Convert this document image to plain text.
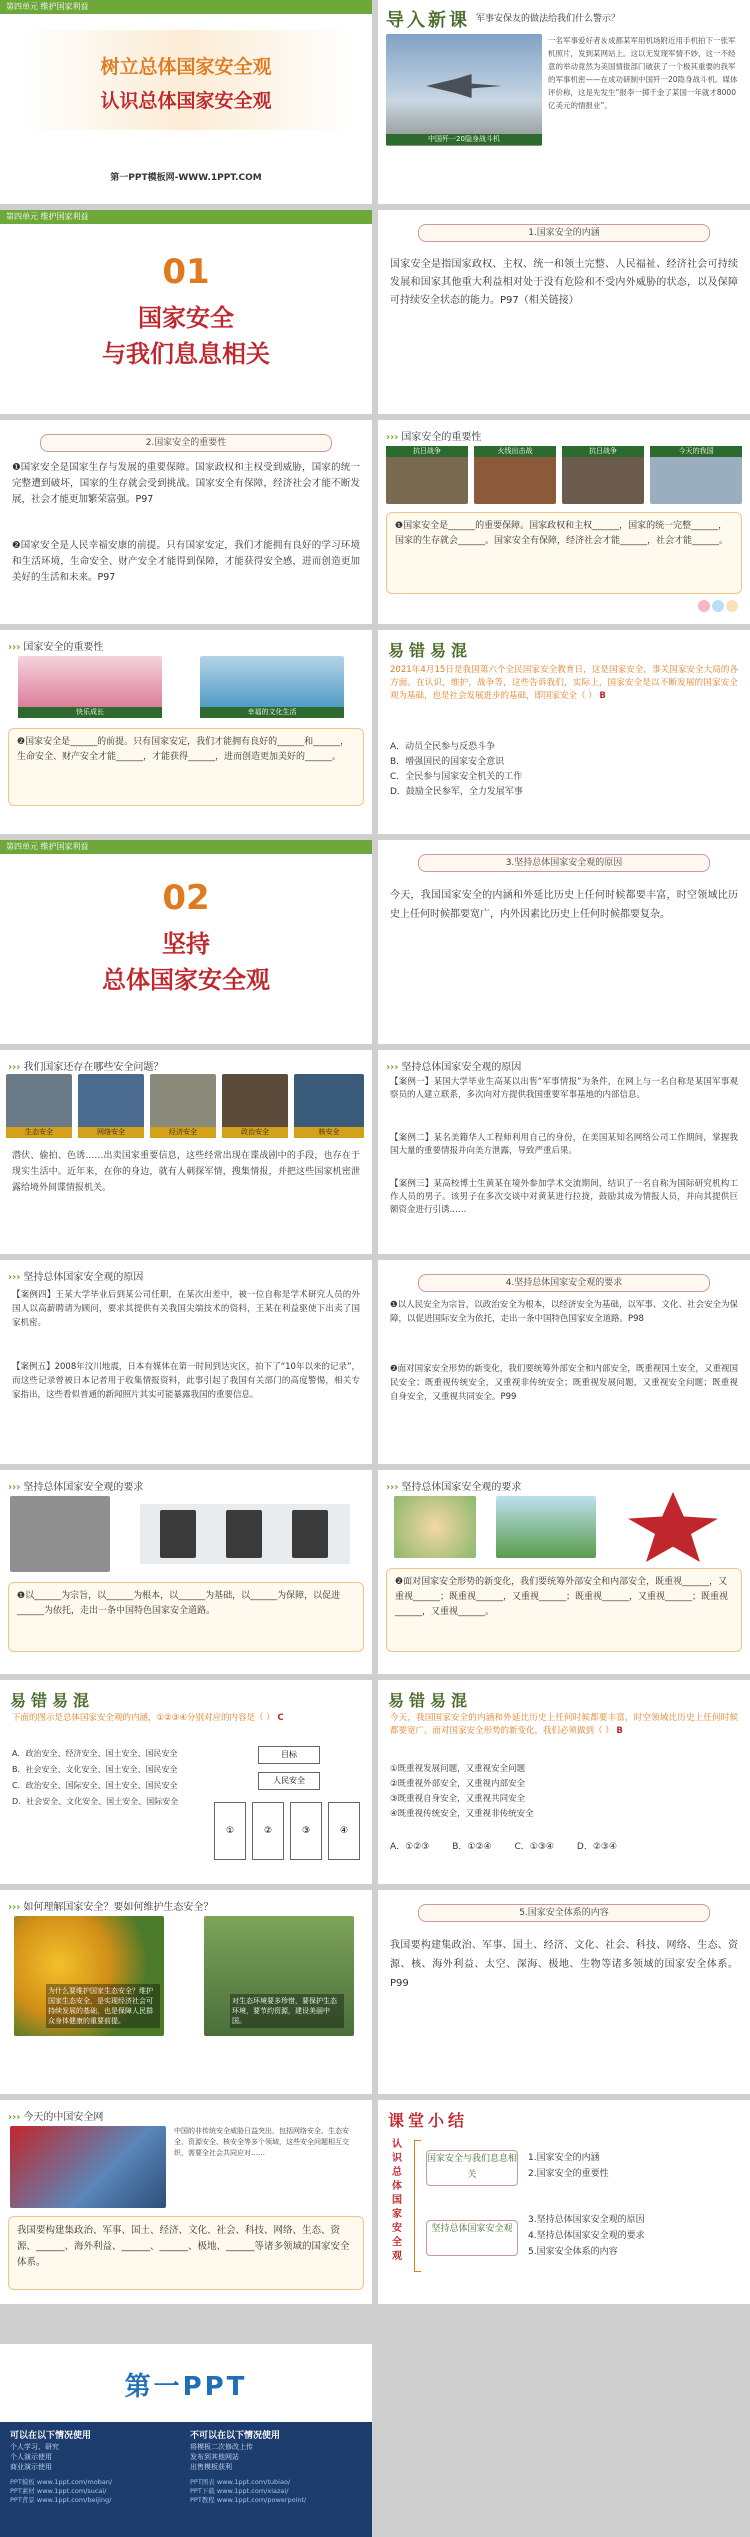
第四单元 维护国家利益
树立总体国家安全观
认识总体国家安全观
第一PPT模板网-WWW.1PPT.COM
导入新课 军事安保友的做法给我们什么警示？
中国歼一20隐身战斗机
一名军事爱好者＆成都某军用机场附近用手机拍下一张军机照片，发到某网站上。这以无发现军情不妙，这一不经意的举动竟然为美国情报部门破获了一个极其重要的我军的军事机密——在成功研制中国歼一20隐身战斗机。媒体评价称，这是先发生“报李一掷千金了某国一年就才8000亿美元的情报业”。
第四单元 维护国家利益
01
国家安全
与我们息息相关
1.国家安全的内涵
国家安全是指国家政权、主权、统一和领土完整、人民福祉、经济社会可持续发展和国家其他重大利益相对处于没有危险和不受内外威胁的状态，以及保障可持续安全状态的能力。P97（相关链接）
2.国家安全的重要性
❶国家安全是国家生存与发展的重要保障。国家政权和主权受到威胁，国家的统一完整遭到破坏，国家的生存就会受到挑战。国家安全有保障，经济社会才能不断发展，社会才能更加繁荣富强。P97
❷国家安全是人民幸福安康的前提。只有国家安定，我们才能拥有良好的学习环境和生活环境，生命安全、财产安全才能得到保障，才能获得安全感，进而创造更加美好的生活和未来。P97
››› 国家安全的重要性
抗日战争	火线出击战	抗日战争	今天的我国
❶国家安全是______的重要保障。国家政权和主权______，国家的统一完整______，国家的生存就会______。国家安全有保障，经济社会才能______，社会才能______。
››› 国家安全的重要性
快乐成长	幸福的文化生活
❷国家安全是______的前提。只有国家安定，我们才能拥有良好的______和______，生命安全、财产安全才能______，才能获得______，进而创造更加美好的______。
易错易混
2021年4月15日是我国第六个全民国家安全教育日，这是国家安全，事关国家安全大局的各方面。在认识，维护，战争等，这些告诉我们，实际上，国家安全是以不断发展的国家安全观为基础，也是社会发展进步的基础，即国家安全（ ） B
A．动员全民参与反恐斗争
B．增强国民的国家安全意识
C．全民参与国家安全机关的工作
D．鼓励全民参军，全力发展军事
第四单元 维护国家利益
02
坚持
总体国家安全观
3.坚持总体国家安全观的原因
今天，我国国家安全的内涵和外延比历史上任何时候都要丰富，时空领域比历史上任何时候都要宽广，内外因素比历史上任何时候都要复杂。
››› 我们国家还存在哪些安全问题？
生态安全	网络安全	经济安全	政治安全	核安全
潜伏、偷拍、色诱……出卖国家重要信息，这些经常出现在谍战剧中的手段，也存在于现实生活中。近年来，在你的身边，就有人刺探军情，搜集情报，并把这些国家机密泄露给境外间谍情报机关。
››› 坚持总体国家安全观的原因
【案例一】某国大学毕业生高某以出售“军事情报”为条件，在网上与一名自称是某国军事观察员的人建立联系，多次向对方提供我国重要军事基地的内部信息。
【案例二】某名美籍华人工程师利用自己的身份，在美国某知名网络公司工作期间，掌握我国大量的重要情报并向美方泄露，导致严重后果。
【案例三】某高校博士生黄某在境外参加学术交流期间，结识了一名自称为国际研究机构工作人员的男子。该男子在多次交谈中对黄某进行拉拢，鼓励其成为情报人员，并向其提供巨额资金进行引诱……
››› 坚持总体国家安全观的原因
【案例四】王某大学毕业后到某公司任职，在某次出差中，被一位自称是学术研究人员的外国人以高薪聘请为顾问，要求其提供有关我国尖端技术的资料，王某在利益驱使下出卖了国家机密。
【案例五】2008年汶川地震，日本有媒体在第一时间到达灾区，拍下了“10年以来的记录”，而这些记录曾被日本记者用于收集情报资料，此事引起了我国有关部门的高度警惕，相关专家指出，这些看似普通的新闻照片其实可能暴露我国的重要信息。
4.坚持总体国家安全观的要求
❶以人民安全为宗旨，以政治安全为根本，以经济安全为基础，以军事、文化、社会安全为保障，以促进国际安全为依托，走出一条中国特色国家安全道路。P98
❷面对国家安全形势的新变化，我们要统筹外部安全和内部安全，既重视国土安全，又重视国民安全；既重视传统安全，又重视非传统安全；既重视发展问题，又重视安全问题；既重视自身安全，又重视共同安全。P99
››› 坚持总体国家安全观的要求
❶以______为宗旨，以______为根本，以______为基础，以______为保障，以促进______为依托，走出一条中国特色国家安全道路。
››› 坚持总体国家安全观的要求
❷面对国家安全形势的新变化，我们要统筹外部安全和内部安全，既重视______，又重视______；既重视______，又重视______；既重视______，又重视______；既重视______，又重视______。
易错易混
下面的图示是总体国家安全观的内涵，①②③④分别对应的内容是（ ） C
A．政治安全、经济安全、国土安全、国民安全
B．社会安全、文化安全、国土安全、国民安全
C．政治安全、国际安全、国土安全、国民安全
D．社会安全、文化安全、国土安全、国际安全
目标
人民安全
①	②	③	④
易错易混
今天，我国国家安全的内涵和外延比历史上任何时候都要丰富，时空领域比历史上任何时候都要宽广。面对国家安全形势的新变化，我们必须做到（ ） B
①既重视发展问题，又重视安全问题
②既重视外部安全，又重视内部安全
③既重视自身安全，又重视共同安全
④既重视传统安全，又重视非传统安全
A．①②③	B．①②④	C．①③④	D．②③④
››› 如何理解国家安全？要如何维护生态安全？
为什么要维护国家生态安全？维护国家生态安全，是实现经济社会可持续发展的基础，也是保障人民群众身体健康的重要前提。
对生态环境要多珍惜，要保护生态环境，要节约资源，建设美丽中国。
5.国家安全体系的内容
我国要构建集政治、军事、国土、经济、文化、社会、科技、网络、生态、资源、核、海外利益、太空、深海、极地、生物等诸多领域的国家安全体系。P99
››› 今天的中国安全网
中国的非传统安全威胁日益突出，包括网络安全、生态安全、资源安全、核安全等多个领域，这些安全问题相互交织，需要全社会共同应对……
我国要构建集政治、军事、国土、经济、文化、社会、科技、网络、生态、资源、______、海外利益、______、______、极地、______等诸多领域的国家安全体系。
课堂小结
认识总体国家安全观
国家安全与我们息息相关
1.国家安全的内涵
2.国家安全的重要性
坚持总体国家安全观
3.坚持总体国家安全观的原因
4.坚持总体国家安全观的要求
5.国家安全体系的内容
第一PPT
可以在以下情况使用
个人学习、研究
个人演示使用
商业演示使用
不可以在以下情况使用
将模板二次修改上传
发布到其他网站
出售模板获利
PPT模板 www.1ppt.com/moban/
PPT素材 www.1ppt.com/sucai/
PPT背景 www.1ppt.com/beijing/
PPT图表 www.1ppt.com/tubiao/
PPT下载 www.1ppt.com/xiazai/
PPT教程 www.1ppt.com/powerpoint/
